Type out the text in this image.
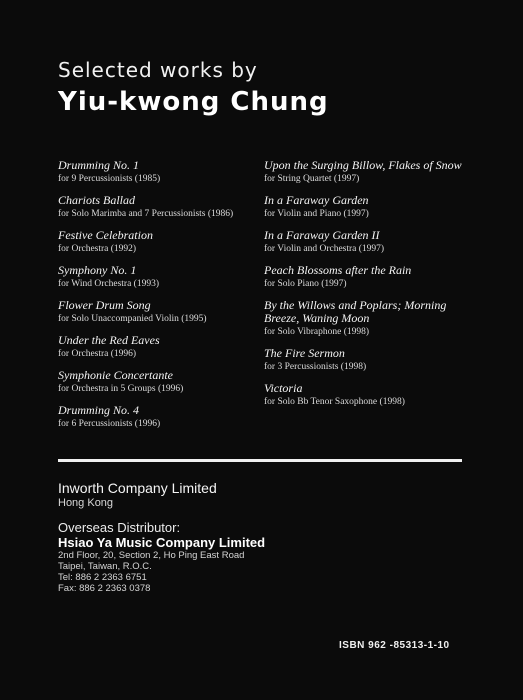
Selected works by
Yiu-kwong Chung
Drumming No. 1
for 9 Percussionists (1985)
Chariots Ballad
for Solo Marimba and 7 Percussionists (1986)
Festive Celebration
for Orchestra (1992)
Symphony No. 1
for Wind Orchestra (1993)
Flower Drum Song
for Solo Unaccompanied Violin (1995)
Under the Red Eaves
for Orchestra (1996)
Symphonie Concertante
for Orchestra in 5 Groups (1996)
Drumming No. 4
for 6 Percussionists (1996)
Upon the Surging Billow, Flakes of Snow
for String Quartet (1997)
In a Faraway Garden
for Violin and Piano (1997)
In a Faraway Garden II
for Violin and Orchestra (1997)
Peach Blossoms after the Rain
for Solo Piano (1997)
By the Willows and Poplars; Morning Breeze, Waning Moon
for Solo Vibraphone (1998)
The Fire Sermon
for 3 Percussionists (1998)
Victoria
for Solo Bb Tenor Saxophone (1998)
Inworth Company Limited
Hong Kong
Overseas Distributor:
Hsiao Ya Music Company Limited
2nd Floor, 20, Section 2, Ho Ping East Road
Taipei, Taiwan, R.O.C.
Tel: 886 2 2363 6751
Fax: 886 2 2363 0378
ISBN 962 -85313-1-10
